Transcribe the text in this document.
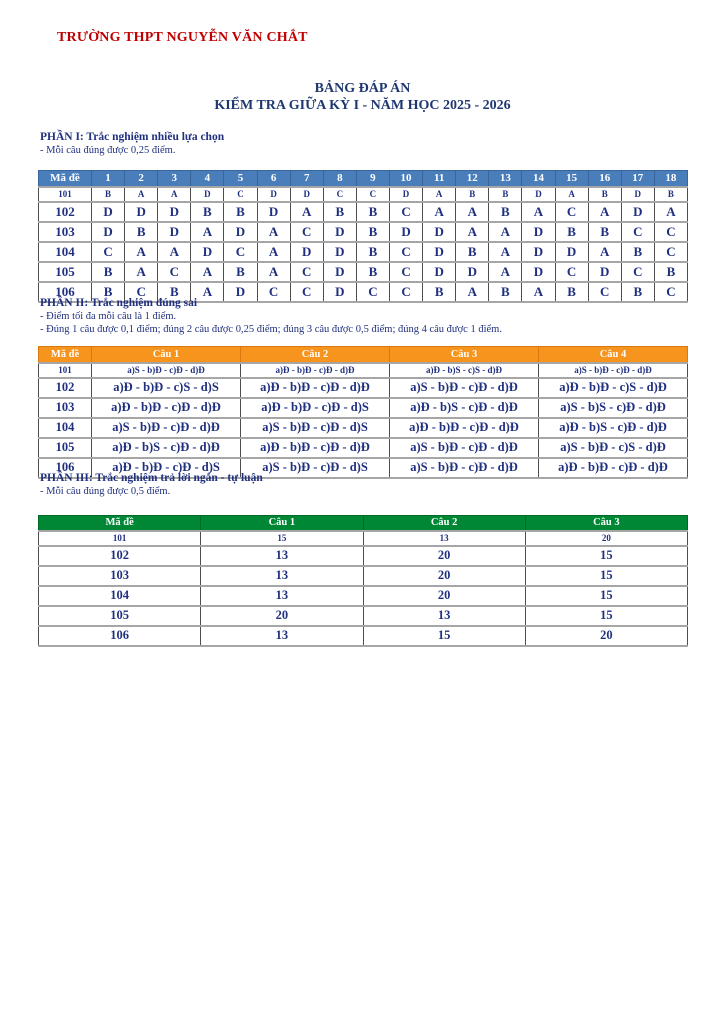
TRƯỜNG THPT NGUYỄN VĂN CHẮT
BẢNG ĐÁP ÁN
KIỂM TRA GIỮA KỲ I - NĂM HỌC 2025 - 2026
PHẦN I: Trắc nghiệm nhiều lựa chọn
- Mỗi câu đúng được 0,25 điểm.
Mã đề	1	2	3	4	5	6	7	8	9	10	11	12	13	14	15	16	17	18
101	B	A	A	D	C	D	D	C	C	D	A	B	B	D	A	B	D	B
102	D	D	D	B	B	D	A	B	B	C	A	A	B	A	C	A	D	A
103	D	B	D	A	D	A	C	D	B	D	D	A	A	D	B	B	C	C
104	C	A	A	D	C	A	D	D	B	C	D	B	A	D	D	A	B	C
105	B	A	C	A	B	A	C	D	B	C	D	D	A	D	C	D	C	B
106	B	C	B	A	D	C	C	D	C	C	B	A	B	A	B	C	B	C
PHẦN II: Trắc nghiệm đúng sai
- Điểm tối đa mỗi câu là 1 điểm.
- Đúng 1 câu được 0,1 điểm; đúng 2 câu được 0,25 điểm; đúng 3 câu được 0,5 điểm; đúng 4 câu được 1 điểm.
Mã đề	Câu 1	Câu 2	Câu 3	Câu 4
101	a)S - b)Đ - c)Đ - d)Đ	a)Đ - b)Đ - c)Đ - d)Đ	a)Đ - b)S - c)S - d)Đ	a)S - b)Đ - c)Đ - d)Đ
102	a)Đ - b)Đ - c)S - d)S	a)Đ - b)Đ - c)Đ - d)Đ	a)S - b)Đ - c)Đ - d)Đ	a)Đ - b)Đ - c)S - d)Đ
103	a)Đ - b)Đ - c)Đ - d)Đ	a)Đ - b)Đ - c)Đ - d)S	a)Đ - b)S - c)Đ - d)Đ	a)S - b)S - c)Đ - d)Đ
104	a)S - b)Đ - c)Đ - d)Đ	a)S - b)Đ - c)Đ - d)S	a)Đ - b)Đ - c)Đ - d)Đ	a)Đ - b)S - c)Đ - d)Đ
105	a)Đ - b)S - c)Đ - d)Đ	a)Đ - b)Đ - c)Đ - d)Đ	a)S - b)Đ - c)Đ - d)Đ	a)S - b)Đ - c)S - d)Đ
106	a)Đ - b)Đ - c)Đ - d)S	a)S - b)Đ - c)Đ - d)S	a)S - b)Đ - c)Đ - d)Đ	a)Đ - b)Đ - c)Đ - d)Đ
PHẦN III: Trắc nghiệm trả lời ngắn - tự luận
- Mỗi câu đúng được 0,5 điểm.
Mã đề	Câu 1	Câu 2	Câu 3
101	15	13	20
102	13	20	15
103	13	20	15
104	13	20	15
105	20	13	15
106	13	15	20
